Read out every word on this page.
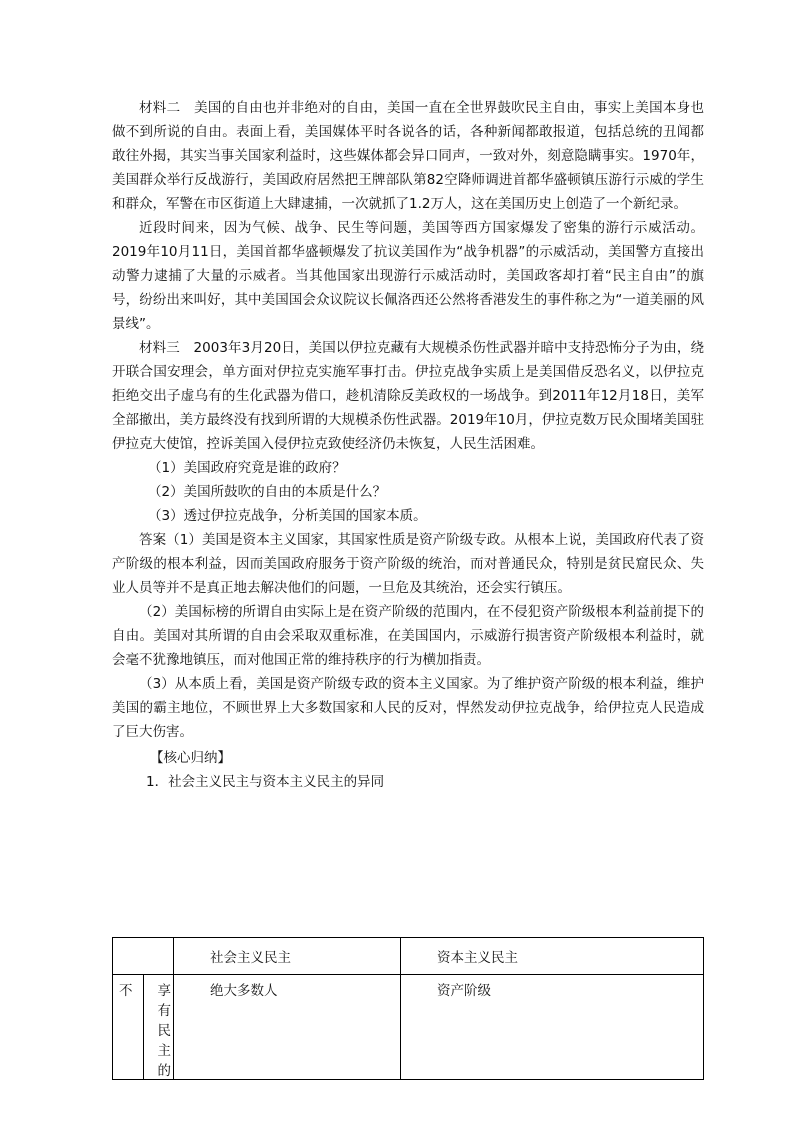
材料二　美国的自由也并非绝对的自由，美国一直在全世界鼓吹民主自由，事实上美国本身也做不到所说的自由。表面上看，美国媒体平时各说各的话，各种新闻都敢报道，包括总统的丑闻都敢往外揭，其实当事关国家利益时，这些媒体都会异口同声，一致对外，刻意隐瞒事实。1970年，美国群众举行反战游行，美国政府居然把王牌部队第82空降师调进首都华盛顿镇压游行示威的学生和群众，军警在市区街道上大肆逮捕，一次就抓了1.2万人，这在美国历史上创造了一个新纪录。

近段时间来，因为气候、战争、民生等问题，美国等西方国家爆发了密集的游行示威活动。2019年10月11日，美国首都华盛顿爆发了抗议美国作为“战争机器”的示威活动，美国警方直接出动警力逮捕了大量的示威者。当其他国家出现游行示威活动时，美国政客却打着“民主自由”的旗号，纷纷出来叫好，其中美国国会众议院议长佩洛西还公然将香港发生的事件称之为“一道美丽的风景线”。

材料三　2003年3月20日，美国以伊拉克藏有大规模杀伤性武器并暗中支持恐怖分子为由，绕开联合国安理会，单方面对伊拉克实施军事打击。伊拉克战争实质上是美国借反恐名义，以伊拉克拒绝交出子虚乌有的生化武器为借口，趁机清除反美政权的一场战争。到2011年12月18日，美军全部撤出，美方最终没有找到所谓的大规模杀伤性武器。2019年10月，伊拉克数万民众围堵美国驻伊拉克大使馆，控诉美国入侵伊拉克致使经济仍未恢复，人民生活困难。

（1）美国政府究竟是谁的政府？

（2）美国所鼓吹的自由的本质是什么？

（3）透过伊拉克战争，分析美国的国家本质。

答案（1）美国是资本主义国家，其国家性质是资产阶级专政。从根本上说，美国政府代表了资产阶级的根本利益，因而美国政府服务于资产阶级的统治，而对普通民众，特别是贫民窟民众、失业人员等并不是真正地去解决他们的问题，一旦危及其统治，还会实行镇压。

（2）美国标榜的所谓自由实际上是在资产阶级的范围内，在不侵犯资产阶级根本利益前提下的自由。美国对其所谓的自由会采取双重标准，在美国国内，示威游行损害资产阶级根本利益时，就会毫不犹豫地镇压，而对他国正常的维持秩序的行为横加指责。

（3）从本质上看，美国是资产阶级专政的资本主义国家。为了维护资产阶级的根本利益，维护美国的霸主地位，不顾世界上大多数国家和人民的反对，悍然发动伊拉克战争，给伊拉克人民造成了巨大伤害。

【核心归纳】

1．社会主义民主与资本主义民主的异同

		社会主义民主	资本主义民主
不	享有民主的	绝大多数人	资产阶级
